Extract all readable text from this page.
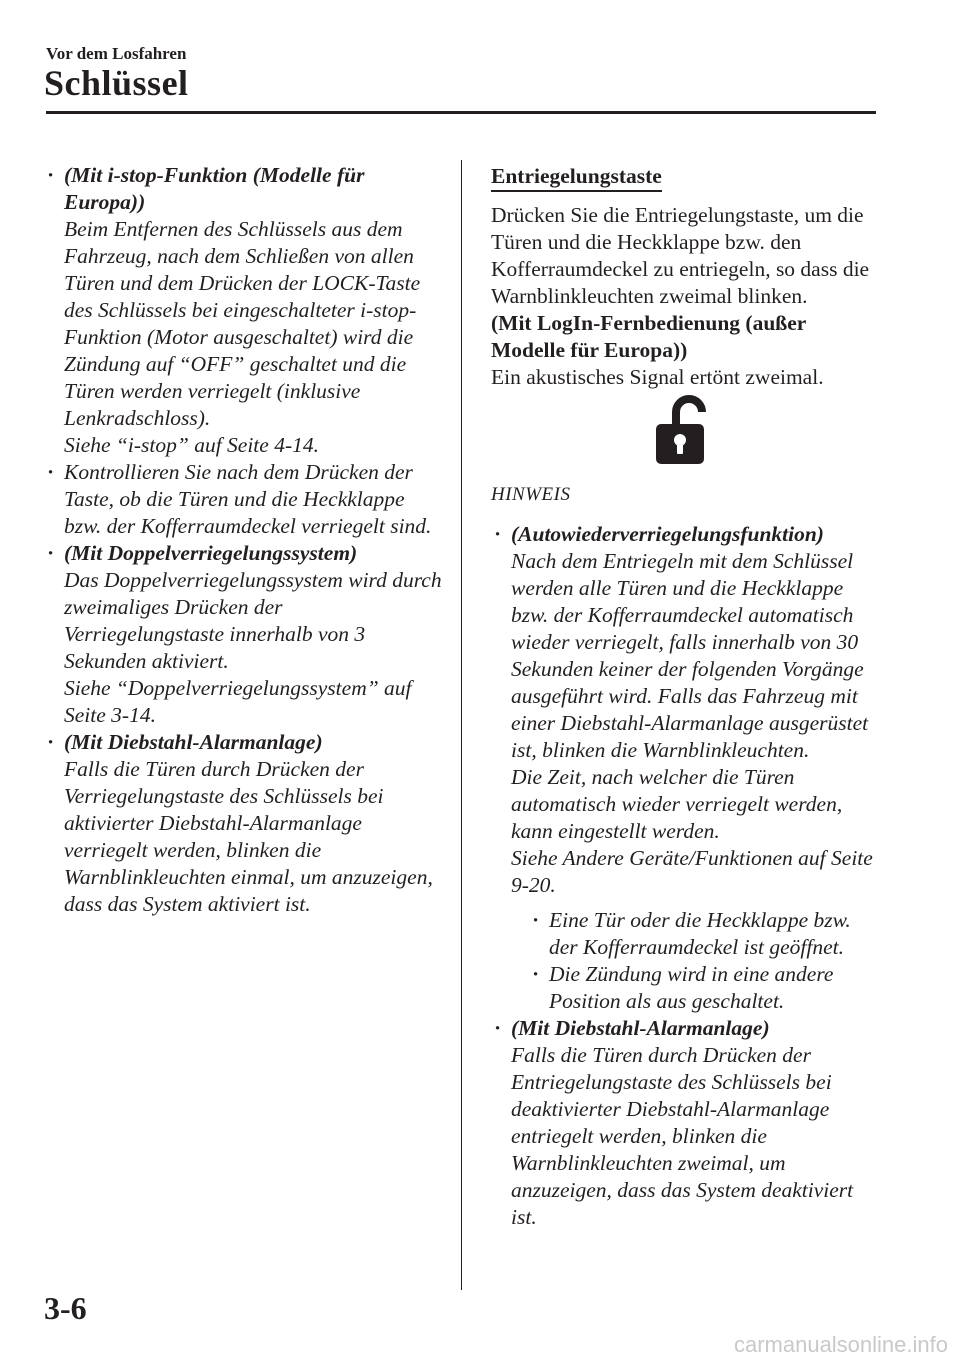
Vor dem Losfahren
Schlüssel

· (Mit i-stop-Funktion (Modelle für Europa))

Beim Entfernen des Schlüssels aus dem Fahrzeug, nach dem Schließen von allen Türen und dem Drücken der LOCK-Taste des Schlüssels bei eingeschalteter i-stop-Funktion (Motor ausgeschaltet) wird die Zündung auf “OFF” geschaltet und die Türen werden verriegelt (inklusive Lenkradschloss).

Siehe “i-stop” auf Seite 4-14.

· Kontrollieren Sie nach dem Drücken der Taste, ob die Türen und die Heckklappe bzw. der Kofferraumdeckel verriegelt sind.

· (Mit Doppelverriegelungssystem)

Das Doppelverriegelungssystem wird durch zweimaliges Drücken der Verriegelungstaste innerhalb von 3 Sekunden aktiviert.

Siehe “Doppelverriegelungssystem” auf Seite 3-14.

· (Mit Diebstahl-Alarmanlage)

Falls die Türen durch Drücken der Verriegelungstaste des Schlüssels bei aktivierter Diebstahl-Alarmanlage verriegelt werden, blinken die Warnblinkleuchten einmal, um anzuzeigen, dass das System aktiviert ist.

Entriegelungstaste

Drücken Sie die Entriegelungstaste, um die Türen und die Heckklappe bzw. den Kofferraumdeckel zu entriegeln, so dass die Warnblinkleuchten zweimal blinken.

(Mit LogIn-Fernbedienung (außer Modelle für Europa))

Ein akustisches Signal ertönt zweimal.

HINWEIS

· (Autowiederverriegelungsfunktion)

Nach dem Entriegeln mit dem Schlüssel werden alle Türen und die Heckklappe bzw. der Kofferraumdeckel automatisch wieder verriegelt, falls innerhalb von 30 Sekunden keiner der folgenden Vorgänge ausgeführt wird. Falls das Fahrzeug mit einer Diebstahl-Alarmanlage ausgerüstet ist, blinken die Warnblinkleuchten.

Die Zeit, nach welcher die Türen automatisch wieder verriegelt werden, kann eingestellt werden.

Siehe Andere Geräte/Funktionen auf Seite 9-20.

· Eine Tür oder die Heckklappe bzw. der Kofferraumdeckel ist geöffnet.

· Die Zündung wird in eine andere Position als aus geschaltet.

· (Mit Diebstahl-Alarmanlage)

Falls die Türen durch Drücken der Entriegelungstaste des Schlüssels bei deaktivierter Diebstahl-Alarmanlage entriegelt werden, blinken die Warnblinkleuchten zweimal, um anzuzeigen, dass das System deaktiviert ist.

3-6
carmanualsonline.info
